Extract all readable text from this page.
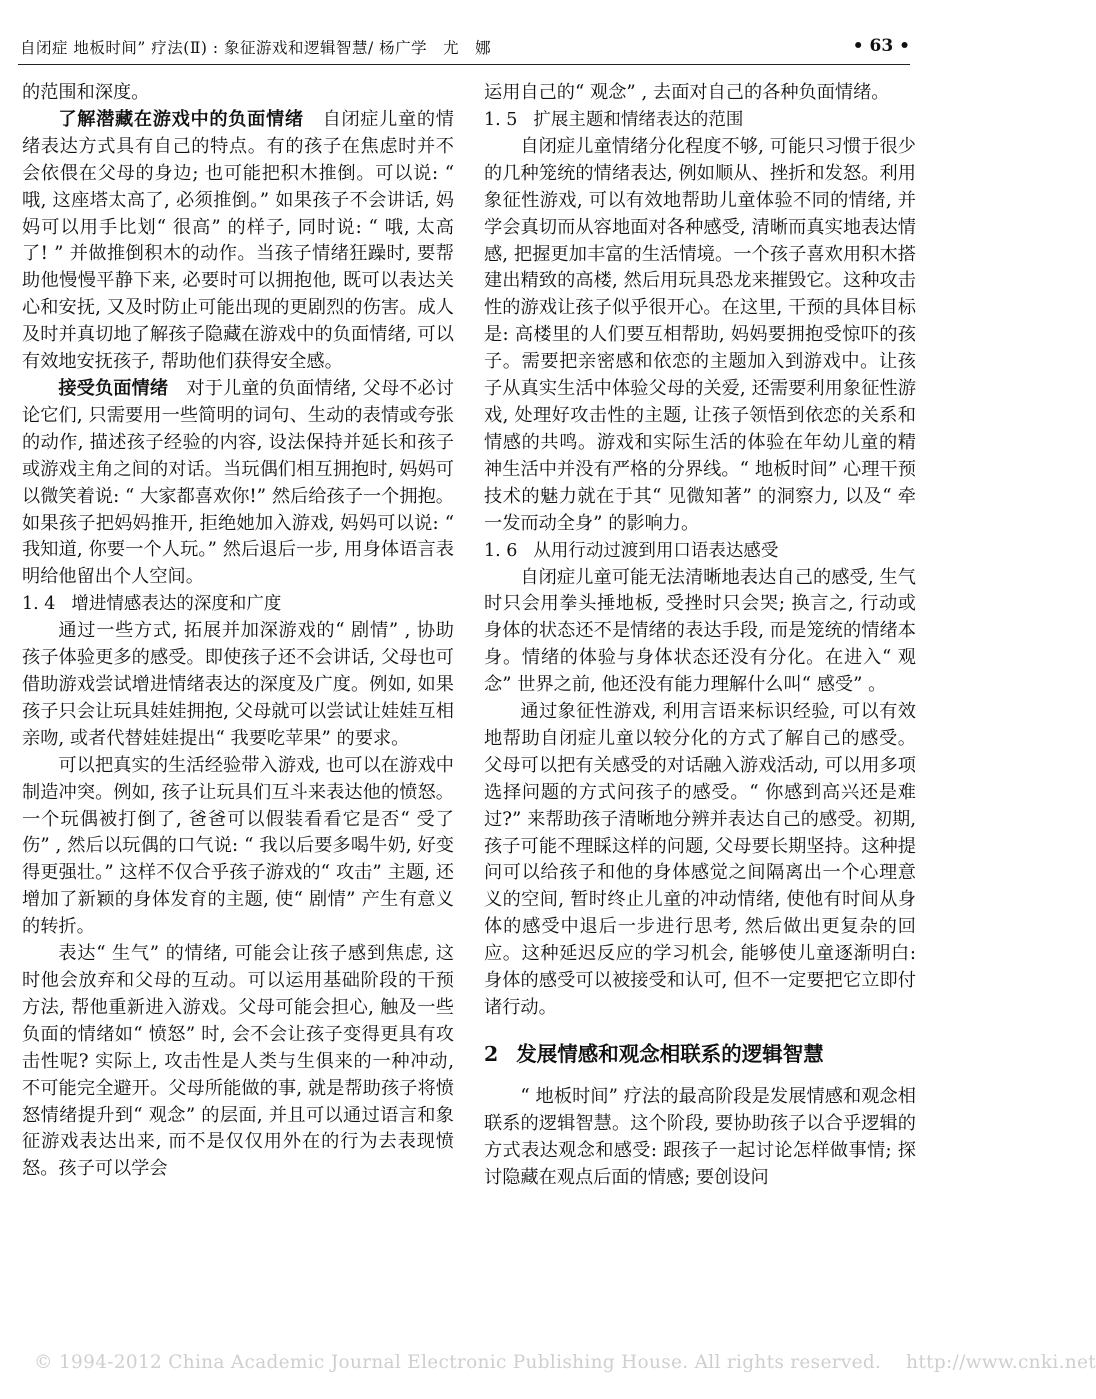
自闭症 地板时间” 疗法(Ⅱ) : 象征游戏和逻辑智慧/ 杨广学　尤　娜	• 63 •

的范围和深度。

了解潜藏在游戏中的负面情绪　自闭症儿童的情绪表达方式具有自己的特点。有的孩子在焦虑时并不会依偎在父母的身边; 也可能把积木推倒。可以说: “ 哦, 这座塔太高了, 必须推倒。” 如果孩子不会讲话, 妈妈可以用手比划“ 很高” 的样子, 同时说: “ 哦, 太高了! ” 并做推倒积木的动作。当孩子情绪狂躁时, 要帮助他慢慢平静下来, 必要时可以拥抱他, 既可以表达关心和安抚, 又及时防止可能出现的更剧烈的伤害。成人及时并真切地了解孩子隐藏在游戏中的负面情绪, 可以有效地安抚孩子, 帮助他们获得安全感。

接受负面情绪　对于儿童的负面情绪, 父母不必讨论它们, 只需要用一些简明的词句、生动的表情或夸张的动作, 描述孩子经验的内容, 设法保持并延长和孩子或游戏主角之间的对话。当玩偶们相互拥抱时, 妈妈可以微笑着说: “ 大家都喜欢你!” 然后给孩子一个拥抱。如果孩子把妈妈推开, 拒绝她加入游戏, 妈妈可以说: “ 我知道, 你要一个人玩。” 然后退后一步, 用身体语言表明给他留出个人空间。

1. 4 增进情感表达的深度和广度

通过一些方式, 拓展并加深游戏的“ 剧情” , 协助孩子体验更多的感受。即使孩子还不会讲话, 父母也可借助游戏尝试增进情绪表达的深度及广度。例如, 如果孩子只会让玩具娃娃拥抱, 父母就可以尝试让娃娃互相亲吻, 或者代替娃娃提出“ 我要吃苹果” 的要求。

可以把真实的生活经验带入游戏, 也可以在游戏中制造冲突。例如, 孩子让玩具们互斗来表达他的愤怒。一个玩偶被打倒了, 爸爸可以假装看看它是否“ 受了伤” , 然后以玩偶的口气说: “ 我以后要多喝牛奶, 好变得更强壮。” 这样不仅合乎孩子游戏的“ 攻击” 主题, 还增加了新颖的身体发育的主题, 使“ 剧情” 产生有意义的转折。

表达“ 生气” 的情绪, 可能会让孩子感到焦虑, 这时他会放弃和父母的互动。可以运用基础阶段的干预方法, 帮他重新进入游戏。父母可能会担心, 触及一些负面的情绪如“ 愤怒” 时, 会不会让孩子变得更具有攻击性呢? 实际上, 攻击性是人类与生俱来的一种冲动, 不可能完全避开。父母所能做的事, 就是帮助孩子将愤怒情绪提升到“ 观念” 的层面, 并且可以通过语言和象征游戏表达出来, 而不是仅仅用外在的行为去表现愤怒。孩子可以学会

运用自己的“ 观念” , 去面对自己的各种负面情绪。

1. 5 扩展主题和情绪表达的范围

自闭症儿童情绪分化程度不够, 可能只习惯于很少的几种笼统的情绪表达, 例如顺从、挫折和发怒。利用象征性游戏, 可以有效地帮助儿童体验不同的情绪, 并学会真切而从容地面对各种感受, 清晰而真实地表达情感, 把握更加丰富的生活情境。一个孩子喜欢用积木搭建出精致的高楼, 然后用玩具恐龙来摧毁它。这种攻击性的游戏让孩子似乎很开心。在这里, 干预的具体目标是: 高楼里的人们要互相帮助, 妈妈要拥抱受惊吓的孩子。需要把亲密感和依恋的主题加入到游戏中。让孩子从真实生活中体验父母的关爱, 还需要利用象征性游戏, 处理好攻击性的主题, 让孩子领悟到依恋的关系和情感的共鸣。游戏和实际生活的体验在年幼儿童的精神生活中并没有严格的分界线。“ 地板时间” 心理干预技术的魅力就在于其“ 见微知著” 的洞察力, 以及“ 牵一发而动全身” 的影响力。

1. 6 从用行动过渡到用口语表达感受

自闭症儿童可能无法清晰地表达自己的感受, 生气时只会用拳头捶地板, 受挫时只会哭; 换言之, 行动或身体的状态还不是情绪的表达手段, 而是笼统的情绪本身。情绪的体验与身体状态还没有分化。在进入“ 观念” 世界之前, 他还没有能力理解什么叫“ 感受” 。

通过象征性游戏, 利用言语来标识经验, 可以有效地帮助自闭症儿童以较分化的方式了解自己的感受。父母可以把有关感受的对话融入游戏活动, 可以用多项选择问题的方式问孩子的感受。“ 你感到高兴还是难过?” 来帮助孩子清晰地分辨并表达自己的感受。初期, 孩子可能不理睬这样的问题, 父母要长期坚持。这种提问可以给孩子和他的身体感觉之间隔离出一个心理意义的空间, 暂时终止儿童的冲动情绪, 使他有时间从身体的感受中退后一步进行思考, 然后做出更复杂的回应。这种延迟反应的学习机会, 能够使儿童逐渐明白: 身体的感受可以被接受和认可, 但不一定要把它立即付诸行动。

2 发展情感和观念相联系的逻辑智慧

“ 地板时间” 疗法的最高阶段是发展情感和观念相联系的逻辑智慧。这个阶段, 要协助孩子以合乎逻辑的方式表达观念和感受: 跟孩子一起讨论怎样做事情; 探讨隐藏在观点后面的情感; 要创设问

© 1994-2012 China Academic Journal Electronic Publishing House. All rights reserved.　 http://www.cnki.net
